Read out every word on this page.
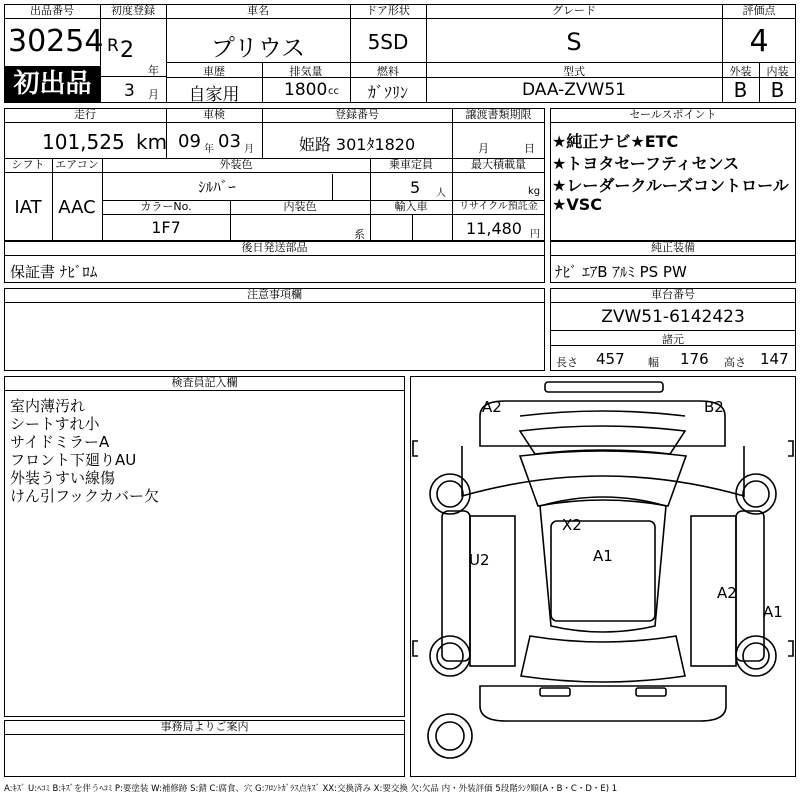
出品番号
30254
初出品
初度登録
R 2
年
3 月
車名
プリウス
ドア形状
5SD
グレード
S
評価点
4
外装	内装
B	B
車歴
自家用
排気量
1800 cc
燃料
ｶﾞｿﾘﾝ
型式
DAA-ZVW51
走行
101,525 km
車検
09 年 03 月
登録番号
姫路 301ﾀ1820
譲渡書類期限
月	日
シフト
IAT
エアコン
AAC
外装色
ｼﾙﾊﾞｰ
乗車定員
5 人
最大積載量
kg
カラーNo.
1F7
内装色
系
輸入車	リサイクル預託金
11,480 円
セールスポイント
★純正ナビ★ETC
★トヨタセーフティセンス
★レーダークルーズコントロール
★VSC
後日発送部品
保証書 ﾅﾋﾞﾛﾑ
純正装備
ﾅﾋﾞ ｴｱB ｱﾙﾐ PS PW
注意事項欄	車台番号
ZVW51-6142423
諸元
長さ 457 幅 176 高さ 147
検査員記入欄
室内薄汚れ
シートすれ小
サイドミラーA
フロント下廻りAU
外装うすい線傷
けん引フックカバー欠
事務局よりご案内
A2	B2
X2
U2	A1
A2
A1
A:ｷｽﾞ U:ﾍｺﾐ B:ｷｽﾞを伴うﾍｺﾐ P:要塗装 W:補修跡 S:錆 C:腐食、穴 G:ﾌﾛﾝﾄｶﾞﾗｽ点ｷｽﾞ XX:交換済み X:要交換 欠:欠品 内・外装評価 5段階ﾗﾝｸ順(A・B・C・D・E) 1
